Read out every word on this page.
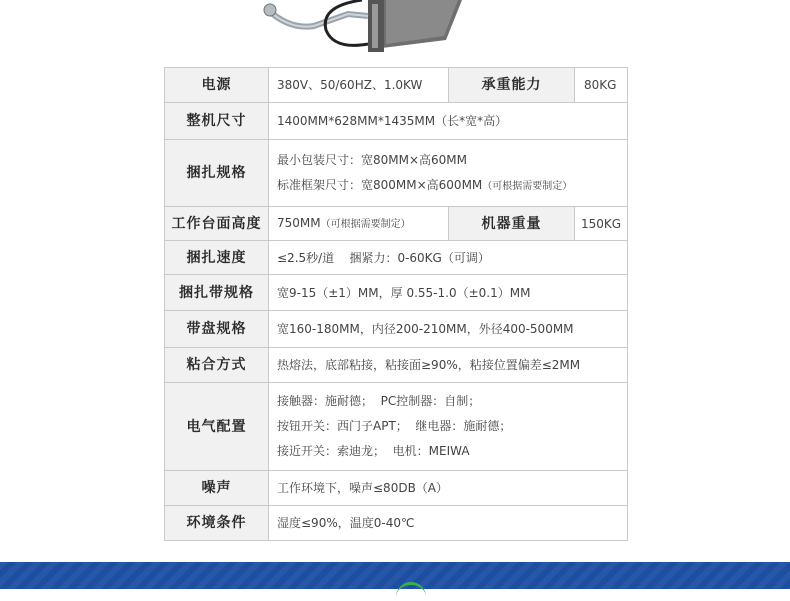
电源	380V、50/60HZ、1.0KW	承重能力	80KG
整机尺寸	1400MM*628MM*1435MM（长*宽*高）		
捆扎规格	最小包装尺寸：宽80MM×高60MM
标准框架尺寸：宽800MM×高600MM（可根据需要制定）		

工作台面高度	750MM（可根据需要制定）	机器重量	150KG
捆扎速度	≤2.5秒/道    捆紧力：0-60KG（可调）		
捆扎带规格	宽9-15（±1）MM，厚 0.55-1.0（±0.1）MM		
带盘规格	宽160-180MM，内径200-210MM，外径400-500MM		
粘合方式	热熔法，底部粘接，粘接面≥90%，粘接位置偏差≤2MM		
电气配置	接触器：施耐德；  PC控制器：自制；
按钮开关：西门子APT；  继电器：施耐德；
接近开关：索迪龙；  电机：MEIWA		

噪声	工作环境下，噪声≤80DB（A）		
环境条件	湿度≤90%，温度0-40℃		
